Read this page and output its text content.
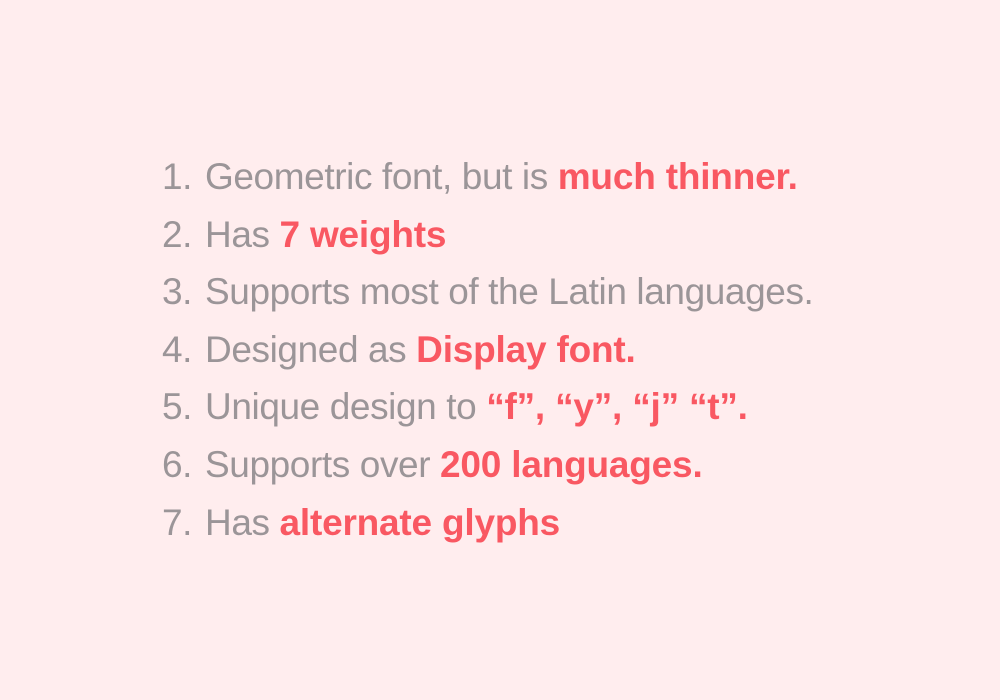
1. Geometric font, but is much thinner.
2. Has 7 weights
3. Supports most of the Latin languages.
4. Designed as Display font.
5. Unique design to “f”, “y”, “j” “t”.
6. Supports over 200 languages.
7. Has alternate glyphs
